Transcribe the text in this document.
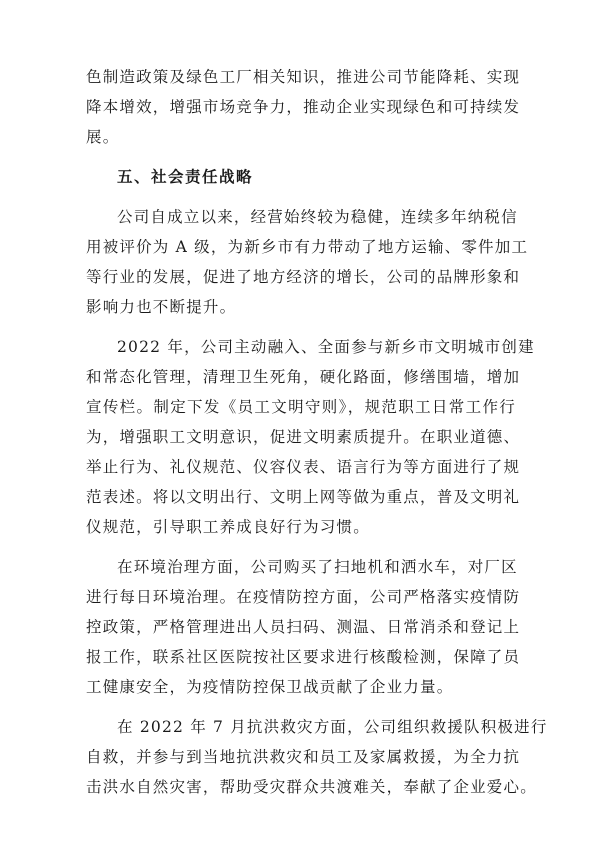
色制造政策及绿色工厂相关知识，推进公司节能降耗、实现
降本增效，增强市场竞争力，推动企业实现绿色和可持续发
展。
五、社会责任战略
公司自成立以来，经营始终较为稳健，连续多年纳税信
用被评价为 A 级，为新乡市有力带动了地方运输、零件加工
等行业的发展，促进了地方经济的增长，公司的品牌形象和
影响力也不断提升。
2022 年，公司主动融入、全面参与新乡市文明城市创建
和常态化管理，清理卫生死角，硬化路面，修缮围墙，增加
宣传栏。制定下发《员工文明守则》，规范职工日常工作行
为，增强职工文明意识，促进文明素质提升。在职业道德、
举止行为、礼仪规范、仪容仪表、语言行为等方面进行了规
范表述。将以文明出行、文明上网等做为重点，普及文明礼
仪规范，引导职工养成良好行为习惯。
在环境治理方面，公司购买了扫地机和洒水车，对厂区
进行每日环境治理。在疫情防控方面，公司严格落实疫情防
控政策，严格管理进出人员扫码、测温、日常消杀和登记上
报工作，联系社区医院按社区要求进行核酸检测，保障了员
工健康安全，为疫情防控保卫战贡献了企业力量。
在 2022 年 7 月抗洪救灾方面，公司组织救援队积极进行
自救，并参与到当地抗洪救灾和员工及家属救援，为全力抗
击洪水自然灾害，帮助受灾群众共渡难关，奉献了企业爱心。
